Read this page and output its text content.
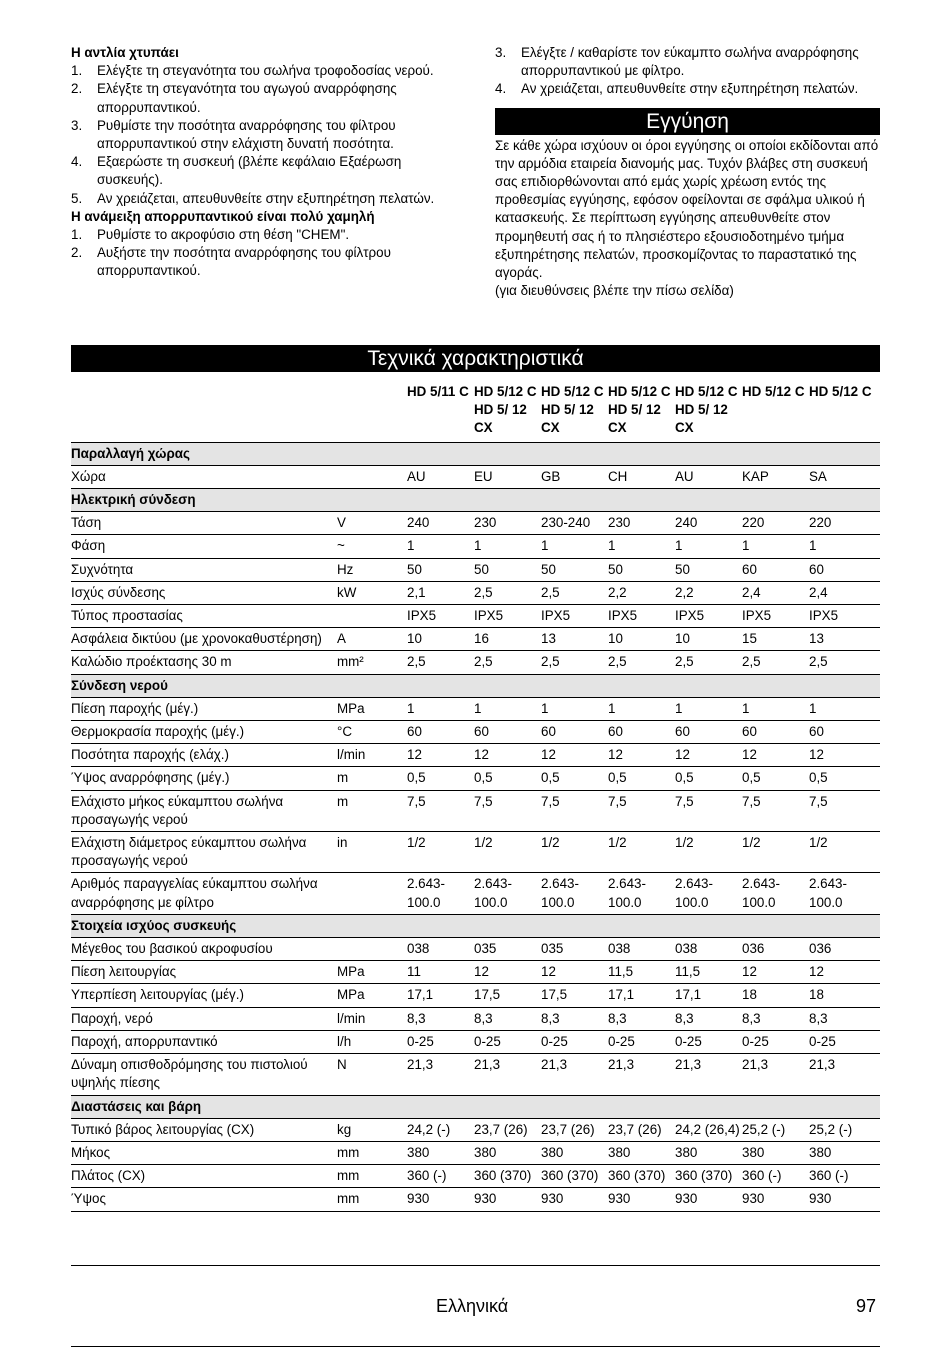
Η αντλία χτυπάει
1. Ελέγξτε τη στεγανότητα του σωλήνα τροφοδοσίας νερού.
2. Ελέγξτε τη στεγανότητα του αγωγού αναρρόφησης απορρυπαντικού.
3. Ρυθμίστε την ποσότητα αναρρόφησης του φίλτρου απορρυπαντικού στην ελάχιστη δυνατή ποσότητα.
4. Εξαερώστε τη συσκευή (βλέπε κεφάλαιο Εξαέρωση συσκευής).
5. Αν χρειάζεται, απευθυνθείτε στην εξυπηρέτηση πελατών.
Η ανάμειξη απορρυπαντικού είναι πολύ χαμηλή
1. Ρυθμίστε το ακροφύσιο στη θέση "CHEM".
2. Αυξήστε την ποσότητα αναρρόφησης του φίλτρου απορρυπαντικού.
3. Ελέγξτε / καθαρίστε τον εύκαμπτο σωλήνα αναρρόφησης απορρυπαντικού με φίλτρο.
4. Αν χρειάζεται, απευθυνθείτε στην εξυπηρέτηση πελατών.
Εγγύηση

Σε κάθε χώρα ισχύουν οι όροι εγγύησης οι οποίοι εκδίδονται από την αρμόδια εταιρεία διανομής μας. Τυχόν βλάβες στη συσκευή σας επιδιορθώνονται από εμάς χωρίς χρέωση εντός της προθεσμίας εγγύησης, εφόσον οφείλονται σε σφάλμα υλικού ή κατασκευής. Σε περίπτωση εγγύησης απευθυνθείτε στον προμηθευτή σας ή το πλησιέστερο εξουσιοδοτημένο τμήμα εξυπηρέτησης πελατών, προσκομίζοντας το παραστατικό της αγοράς.

(για διευθύνσεις βλέπε την πίσω σελίδα)

Τεχνικά χαρακτηριστικά
		HD 5/11 C	HD 5/12 C HD 5/ 12 CX	HD 5/12 C HD 5/ 12 CX	HD 5/12 C HD 5/ 12 CX	HD 5/12 C HD 5/ 12 CX	HD 5/12 C	HD 5/12 C
Παραλλαγή χώρας								
Χώρα		AU	EU	GB	CH	AU	KAP	SA
Ηλεκτρική σύνδεση								
Τάση	V	240	230	230-240	230	240	220	220
Φάση	~	1	1	1	1	1	1	1
Συχνότητα	Hz	50	50	50	50	50	60	60
Ισχύς σύνδεσης	kW	2,1	2,5	2,5	2,2	2,2	2,4	2,4
Τύπος προστασίας		IPX5	IPX5	IPX5	IPX5	IPX5	IPX5	IPX5
Ασφάλεια δικτύου (με χρονοκαθυστέρηση)	A	10	16	13	10	10	15	13
Καλώδιο προέκτασης 30 m	mm²	2,5	2,5	2,5	2,5	2,5	2,5	2,5
Σύνδεση νερού								
Πίεση παροχής (μέγ.)	MPa	1	1	1	1	1	1	1
Θερμοκρασία παροχής (μέγ.)	°C	60	60	60	60	60	60	60
Ποσότητα παροχής (ελάχ.)	l/min	12	12	12	12	12	12	12
Ύψος αναρρόφησης (μέγ.)	m	0,5	0,5	0,5	0,5	0,5	0,5	0,5
Ελάχιστο μήκος εύκαμπτου σωλήνα προσαγωγής νερού	m	7,5	7,5	7,5	7,5	7,5	7,5	7,5
Ελάχιστη διάμετρος εύκαμπτου σωλήνα προσαγωγής νερού	in	1/2	1/2	1/2	1/2	1/2	1/2	1/2
Αριθμός παραγγελίας εύκαμπτου σωλήνα αναρρόφησης με φίλτρο		2.643-100.0	2.643-100.0	2.643-100.0	2.643-100.0	2.643-100.0	2.643-100.0	2.643-100.0
Στοιχεία ισχύος συσκευής								
Μέγεθος του βασικού ακροφυσίου		038	035	035	038	038	036	036
Πίεση λειτουργίας	MPa	11	12	12	11,5	11,5	12	12
Υπερπίεση λειτουργίας (μέγ.)	MPa	17,1	17,5	17,5	17,1	17,1	18	18
Παροχή, νερό	l/min	8,3	8,3	8,3	8,3	8,3	8,3	8,3
Παροχή, απορρυπαντικό	l/h	0-25	0-25	0-25	0-25	0-25	0-25	0-25
Δύναμη οπισθοδρόμησης του πιστολιού υψηλής πίεσης	N	21,3	21,3	21,3	21,3	21,3	21,3	21,3
Διαστάσεις και βάρη								
Τυπικό βάρος λειτουργίας (CX)	kg	24,2 (-)	23,7 (26)	23,7 (26)	23,7 (26)	24,2 (26,4)	25,2 (-)	25,2 (-)
Μήκος	mm	380	380	380	380	380	380	380
Πλάτος (CX)	mm	360 (-)	360 (370)	360 (370)	360 (370)	360 (370)	360 (-)	360 (-)
Ύψος	mm	930	930	930	930	930	930	930
Ελληνικά	97
